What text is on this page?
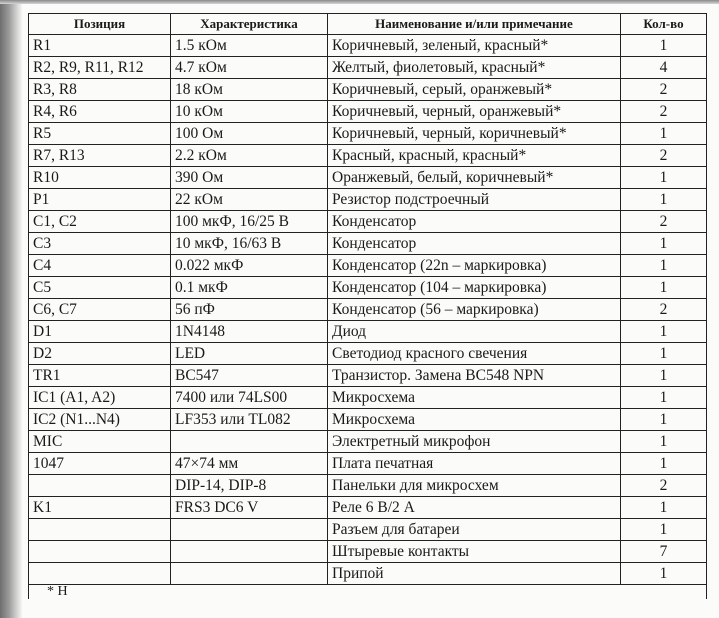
Позиция	Характеристика	Наименование и/или примечание	Кол-во
R1	1.5 кОм	Коричневый, зеленый, красный*	1
R2, R9, R11, R12	4.7 кОм	Желтый, фиолетовый, красный*	4
R3, R8	18 кОм	Коричневый, серый, оранжевый*	2
R4, R6	10 кОм	Коричневый, черный, оранжевый*	2
R5	100 Ом	Коричневый, черный, коричневый*	1
R7, R13	2.2 кОм	Красный, красный, красный*	2
R10	390 Ом	Оранжевый, белый, коричневый*	1
P1	22 кОм	Резистор подстроечный	1
C1, C2	100 мкФ, 16/25 В	Конденсатор	2
C3	10 мкФ, 16/63 В	Конденсатор	1
C4	0.022 мкФ	Конденсатор (22n – маркировка)	1
C5	0.1 мкФ	Конденсатор (104 – маркировка)	1
C6, C7	56 пФ	Конденсатор (56 – маркировка)	2
D1	1N4148	Диод	1
D2	LED	Светодиод красного свечения	1
TR1	BC547	Транзистор. Замена BC548 NPN	1
IC1 (A1, A2)	7400 или 74LS00	Микросхема	1
IC2 (N1...N4)	LF353 или TL082	Микросхема	1
MIC		Электретный микрофон	1
1047	47×74 мм	Плата печатная	1
	DIP-14, DIP-8	Панельки для микросхем	2
K1	FRS3 DC6 V	Реле 6 В/2 А	1
		Разъем для батареи	1
		Штыревые контакты	7
		Припой	1
* Н			
